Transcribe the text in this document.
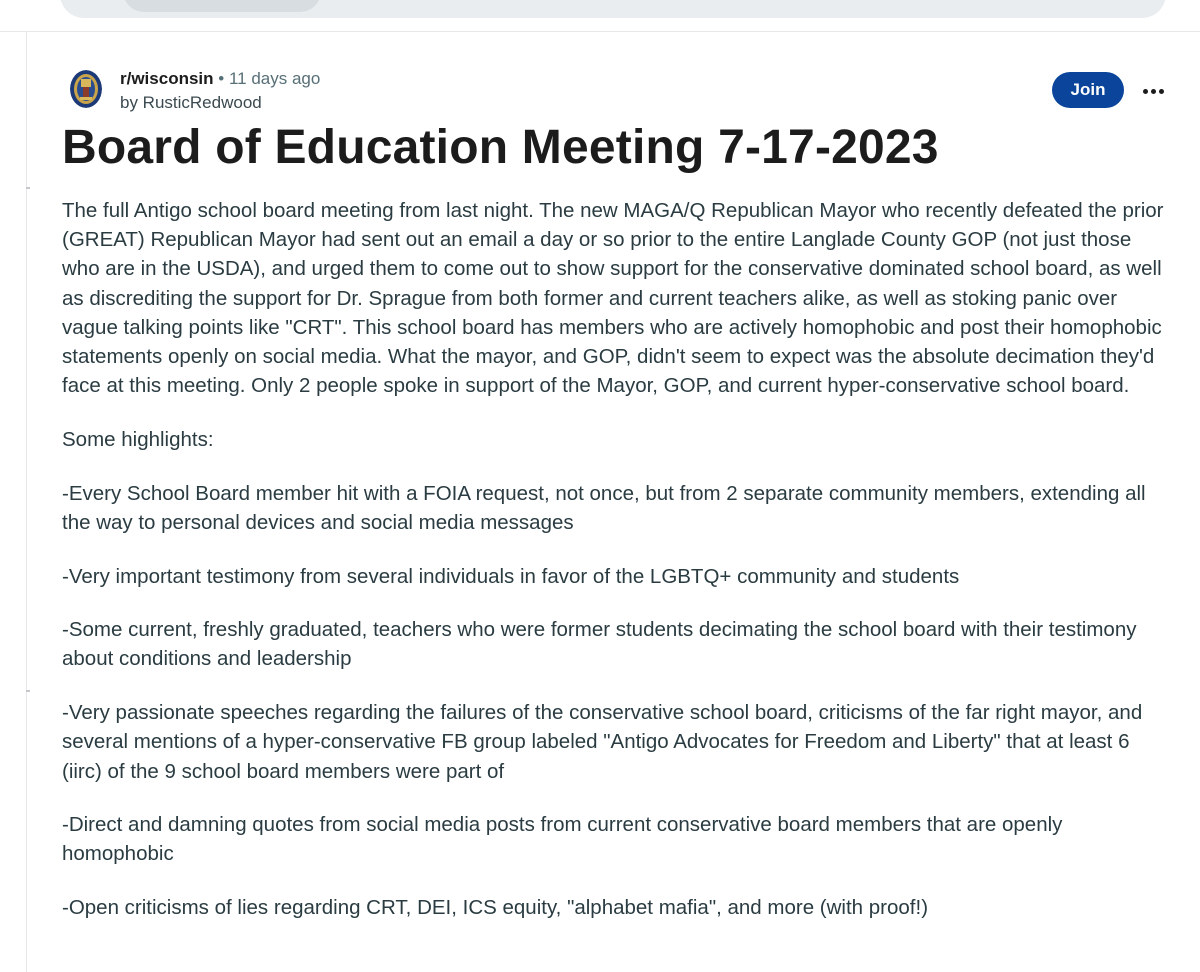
r/wisconsin • 11 days ago
by RusticRedwood
Join
Board of Education Meeting 7-17-2023

The full Antigo school board meeting from last night. The new MAGA/Q Republican Mayor who recently defeated the prior (GREAT) Republican Mayor had sent out an email a day or so prior to the entire Langlade County GOP (not just those who are in the USDA), and urged them to come out to show support for the conservative dominated school board, as well as discrediting the support for Dr. Sprague from both former and current teachers alike, as well as stoking panic over vague talking points like "CRT". This school board has members who are actively homophobic and post their homophobic statements openly on social media. What the mayor, and GOP, didn't seem to expect was the absolute decimation they'd face at this meeting. Only 2 people spoke in support of the Mayor, GOP, and current hyper-conservative school board.

Some highlights:

-Every School Board member hit with a FOIA request, not once, but from 2 separate community members, extending all the way to personal devices and social media messages

-Very important testimony from several individuals in favor of the LGBTQ+ community and students

-Some current, freshly graduated, teachers who were former students decimating the school board with their testimony about conditions and leadership

-Very passionate speeches regarding the failures of the conservative school board, criticisms of the far right mayor, and several mentions of a hyper-conservative FB group labeled "Antigo Advocates for Freedom and Liberty" that at least 6 (iirc) of the 9 school board members were part of

-Direct and damning quotes from social media posts from current conservative board members that are openly homophobic

-Open criticisms of lies regarding CRT, DEI, ICS equity, "alphabet mafia", and more (with proof!)
